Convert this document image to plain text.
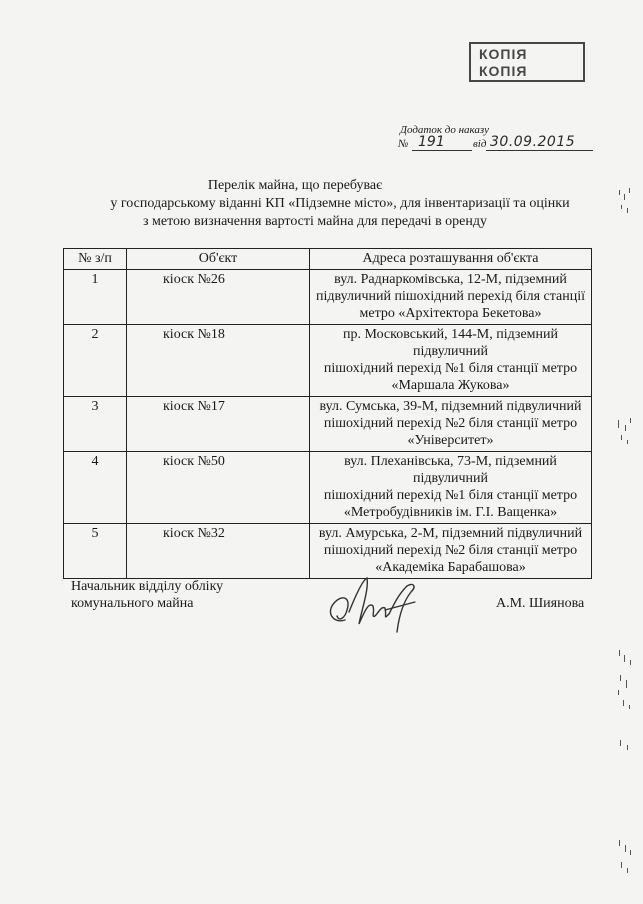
КОПІЯ
КОПІЯ
Додаток до наказу
№ 191	від 30.09.2015
Перелік майна, що перебуває
у господарському віданні КП «Підземне місто», для інвентаризації та оцінки
з метою визначення вартості майна для передачі в оренду
№ з/п	Об'єкт	Адреса розташування об'єкта
1	кіоск №26	вул. Раднаркомівська, 12-М, підземний
підвуличний пішохідний перехід біля станції
метро «Архітектора Бекетова»

2	кіоск №18	пр. Московський, 144-М, підземний підвуличний
пішохідний перехід №1 біля станції метро
«Маршала Жукова»

3	кіоск №17	вул. Сумська, 39-М, підземний підвуличний
пішохідний перехід №2 біля станції метро
«Університет»

4	кіоск №50	вул. Плеханівська, 73-М, підземний підвуличний
пішохідний перехід №1 біля станції метро
«Метробудівників ім. Г.І. Ващенка»

5	кіоск №32	вул. Амурська, 2-М, підземний підвуличний
пішохідний перехід №2 біля станції метро
«Академіка Барабашова»
Начальник відділу обліку
комунального майна	А.М. Шиянова
